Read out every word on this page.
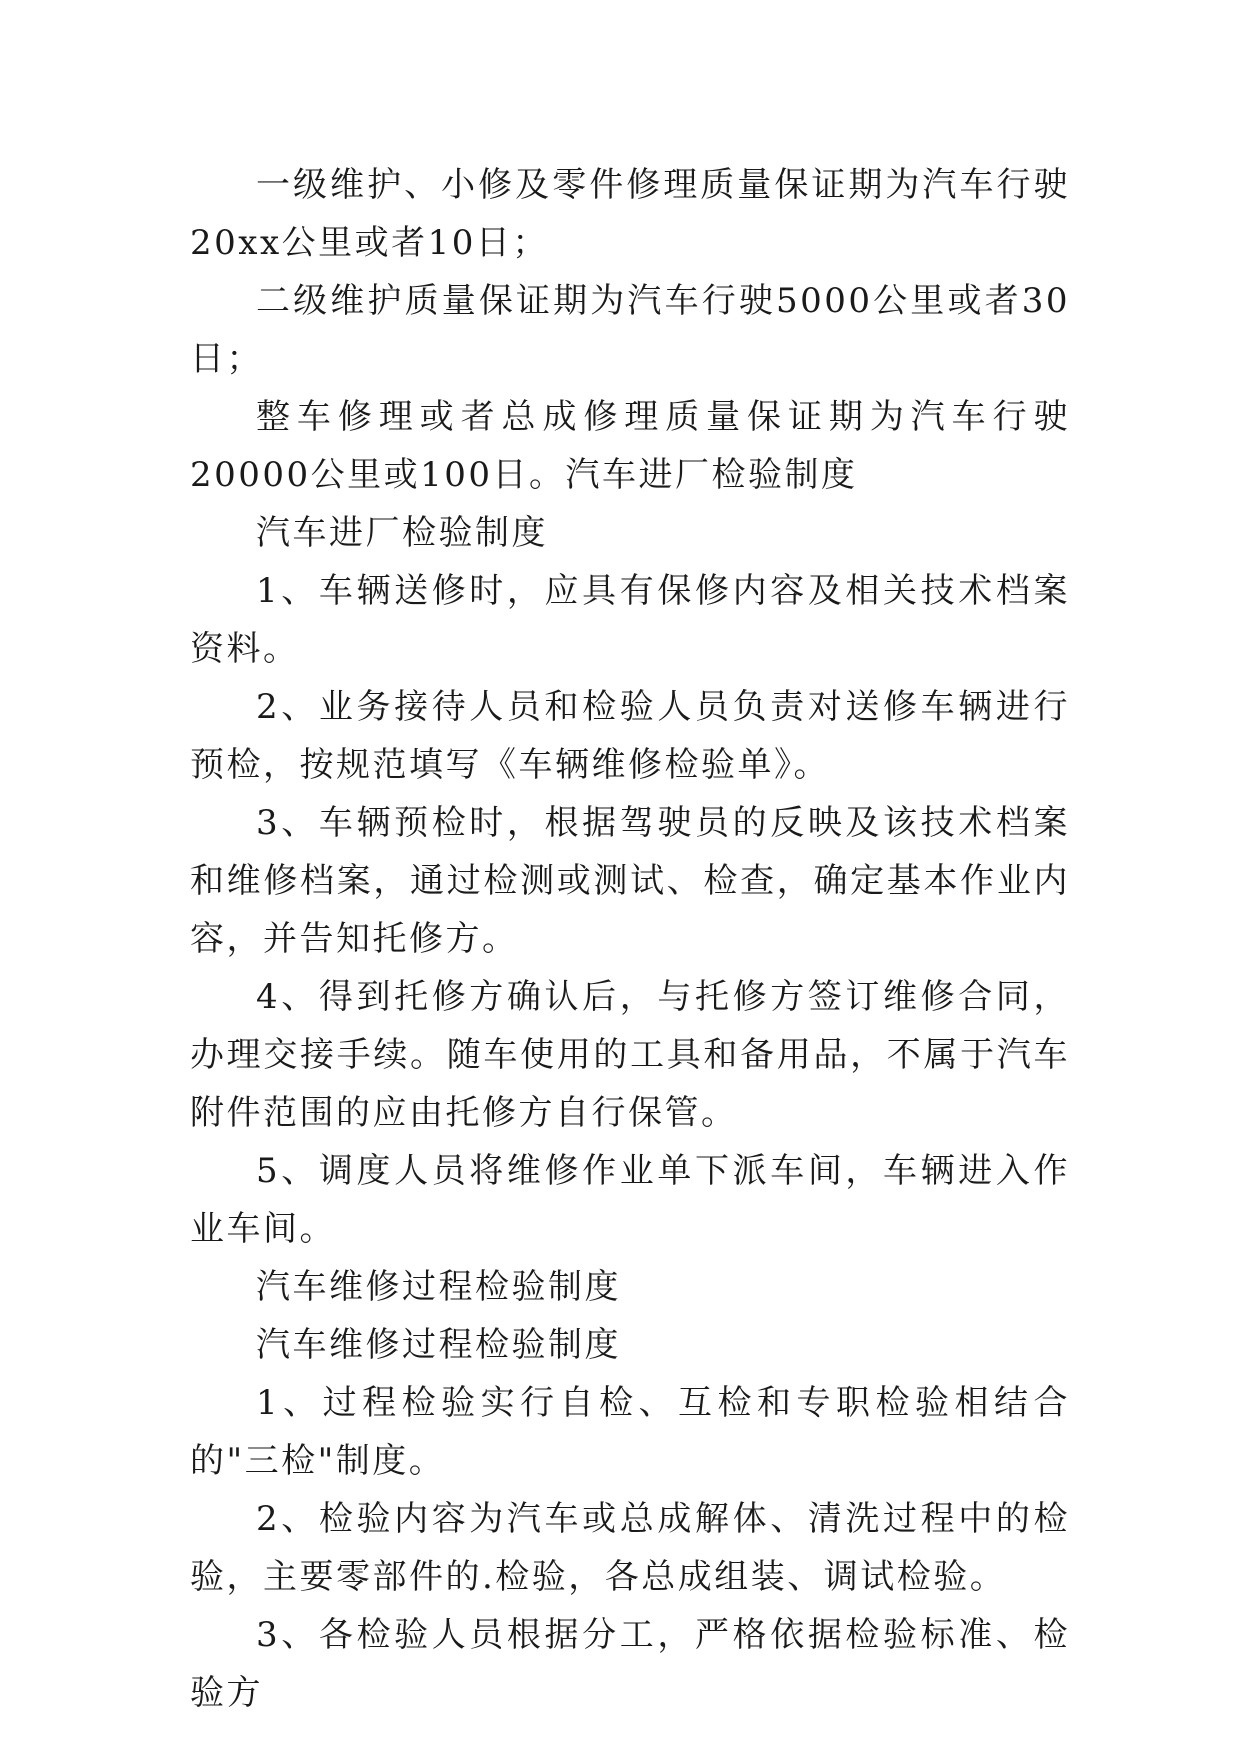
一级维护、小修及零件修理质量保证期为汽车行驶20xx公里或者10日；

二级维护质量保证期为汽车行驶5000公里或者30日；

整车修理或者总成修理质量保证期为汽车行驶20000公里或100日。汽车进厂检验制度

汽车进厂检验制度

1、车辆送修时，应具有保修内容及相关技术档案资料。

2、业务接待人员和检验人员负责对送修车辆进行预检，按规范填写《车辆维修检验单》。

3、车辆预检时，根据驾驶员的反映及该技术档案和维修档案，通过检测或测试、检查，确定基本作业内容，并告知托修方。

4、得到托修方确认后，与托修方签订维修合同，办理交接手续。随车使用的工具和备用品，不属于汽车附件范围的应由托修方自行保管。

5、调度人员将维修作业单下派车间，车辆进入作业车间。

汽车维修过程检验制度

汽车维修过程检验制度

1、过程检验实行自检、互检和专职检验相结合的"三检"制度。

2、检验内容为汽车或总成解体、清洗过程中的检验，主要零部件的.检验，各总成组装、调试检验。

3、各检验人员根据分工，严格依据检验标准、检验方
